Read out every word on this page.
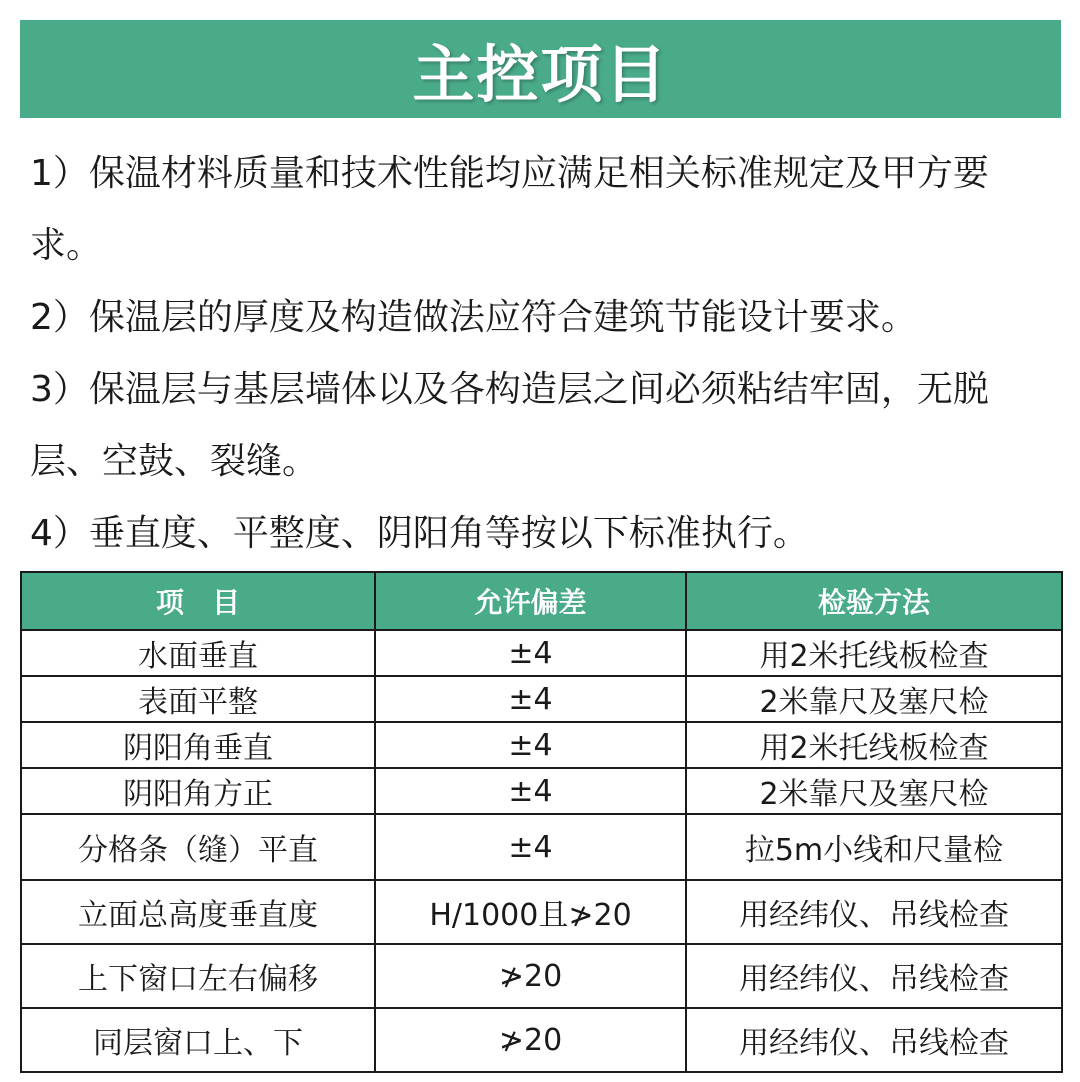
主控项目

1）保温材料质量和技术性能均应满足相关标准规定及甲方要求。

2）保温层的厚度及构造做法应符合建筑节能设计要求。

3）保温层与基层墙体以及各构造层之间必须粘结牢固，无脱层、空鼓、裂缝。

4）垂直度、平整度、阴阳角等按以下标准执行。

项　目	允许偏差	检验方法
水面垂直	±4	用2米托线板检查
表面平整	±4	2米靠尺及塞尺检
阴阳角垂直	±4	用2米托线板检查
阴阳角方正	±4	2米靠尺及塞尺检
分格条（缝）平直	±4	拉5m小线和尺量检
立面总高度垂直度	H/1000且≯20	用经纬仪、吊线检查
上下窗口左右偏移	≯20	用经纬仪、吊线检查
同层窗口上、下	≯20	用经纬仪、吊线检查
